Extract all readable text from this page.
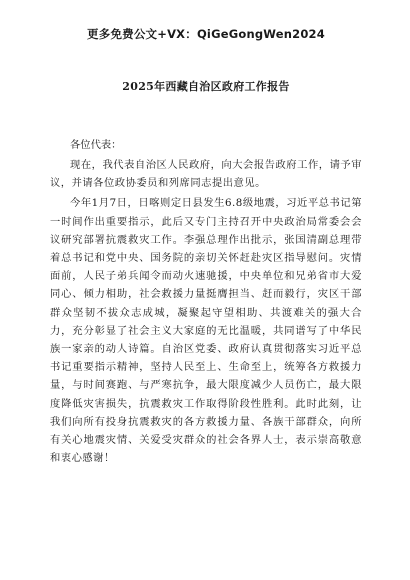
更多免费公文+VX：QiGeGongWen2024
2025年西藏自治区政府工作报告
各位代表：

现在，我代表自治区人民政府，向大会报告政府工作，请予审议，并请各位政协委员和列席同志提出意见。

今年1月7日，日喀则定日县发生6.8级地震，习近平总书记第一时间作出重要指示，此后又专门主持召开中央政治局常委会会议研究部署抗震救灾工作。李强总理作出批示，张国清副总理带着总书记和党中央、国务院的亲切关怀赶赴灾区指导慰问。灾情面前，人民子弟兵闻令而动火速驰援，中央单位和兄弟省市大爱同心、倾力相助，社会救援力量挺膺担当、赶而毅行，灾区干部群众坚韧不拔众志成城，凝聚起守望相助、共渡难关的强大合力，充分彰显了社会主义大家庭的无比温暖，共同谱写了中华民族一家亲的动人诗篇。自治区党委、政府认真贯彻落实习近平总书记重要指示精神，坚持人民至上、生命至上，统筹各方救援力量，与时间赛跑、与严寒抗争，最大限度减少人员伤亡，最大限度降低灾害损失，抗震救灾工作取得阶段性胜利。此时此刻，让我们向所有投身抗震救灾的各方救援力量、各族干部群众，向所有关心地震灾情、关爱受灾群众的社会各界人士，表示崇高敬意和衷心感谢！
